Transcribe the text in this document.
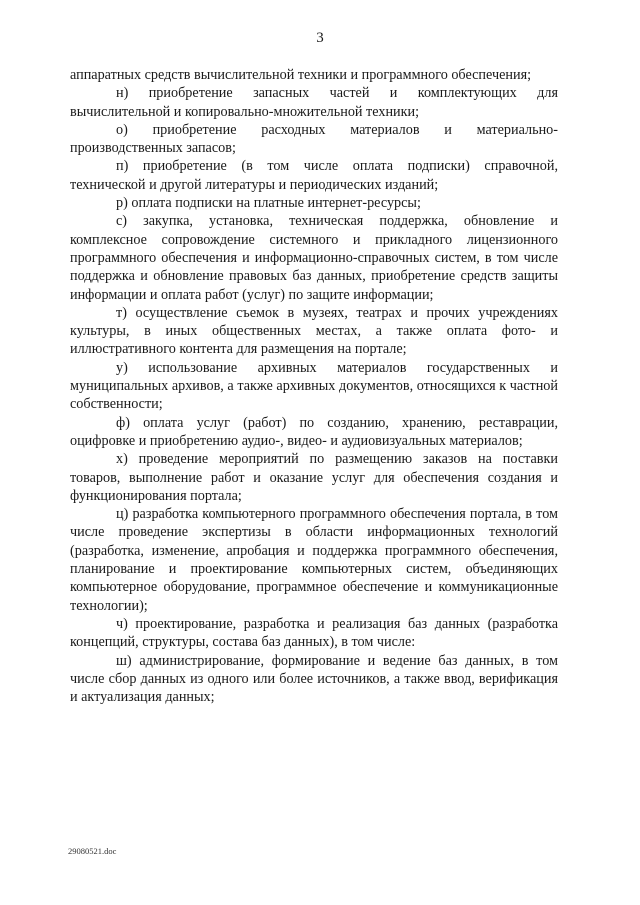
3

аппаратных средств вычислительной техники и программного обеспечения;

н) приобретение запасных частей и комплектующих для вычислительной и копировально-множительной техники;

о) приобретение расходных материалов и материально-производственных запасов;

п) приобретение (в том числе оплата подписки) справочной, технической и другой литературы и периодических изданий;

р) оплата подписки на платные интернет-ресурсы;

с) закупка, установка, техническая поддержка, обновление и комплексное сопровождение системного и прикладного лицензионного программного обеспечения и информационно-справочных систем, в том числе поддержка и обновление правовых баз данных, приобретение средств защиты информации и оплата работ (услуг) по защите информации;

т) осуществление съемок в музеях, театрах и прочих учреждениях культуры, в иных общественных местах, а также оплата фото- и иллюстративного контента для размещения на портале;

у) использование архивных материалов государственных и муниципальных архивов, а также архивных документов, относящихся к частной собственности;

ф) оплата услуг (работ) по созданию, хранению, реставрации, оцифровке и приобретению аудио-, видео- и аудиовизуальных материалов;

х) проведение мероприятий по размещению заказов на поставки товаров, выполнение работ и оказание услуг для обеспечения создания и функционирования портала;

ц) разработка компьютерного программного обеспечения портала, в том числе проведение экспертизы в области информационных технологий (разработка, изменение, апробация и поддержка программного обеспечения, планирование и проектирование компьютерных систем, объединяющих компьютерное оборудование, программное обеспечение и коммуникационные технологии);

ч) проектирование, разработка и реализация баз данных (разработка концепций, структуры, состава баз данных), в том числе:

ш) администрирование, формирование и ведение баз данных, в том числе сбор данных из одного или более источников, а также ввод, верификация и актуализация данных;

29080521.doc
